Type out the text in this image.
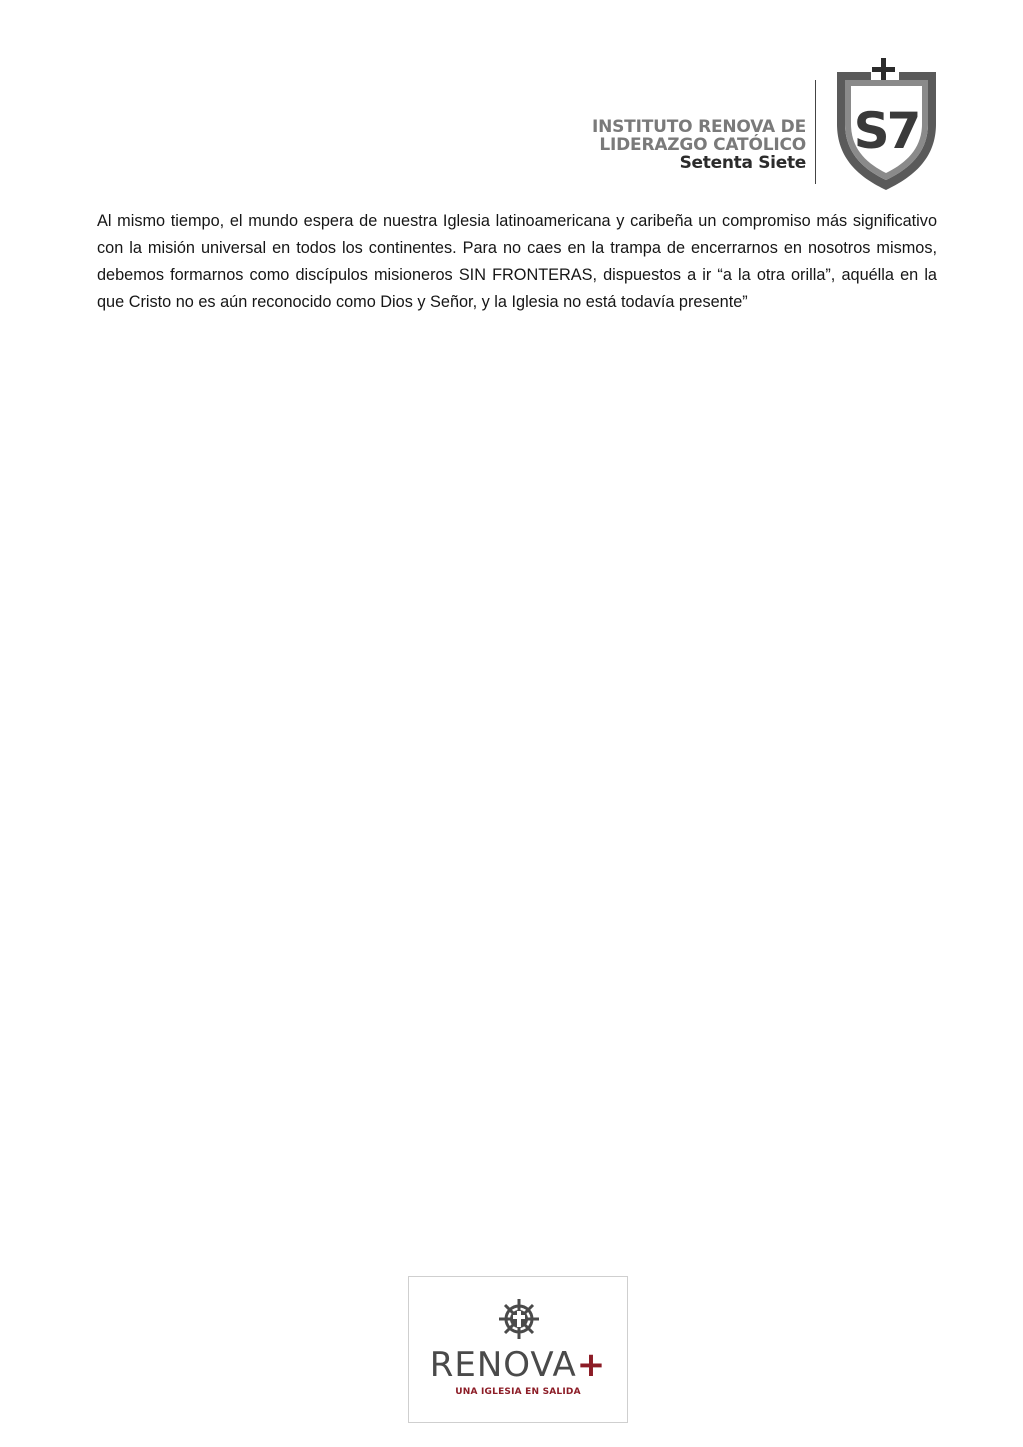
INSTITUTO RENOVA DE
LIDERAZGO CATÓLICO
Setenta Siete
S7

Al mismo tiempo, el mundo espera de nuestra Iglesia latinoamericana y caribeña un compromiso más significativo con la misión universal en todos los continentes. Para no caes en la trampa de encerrarnos en nosotros mismos, debemos formarnos como discípulos misioneros SIN FRONTERAS, dispuestos a ir “a la otra orilla”, aquélla en la que Cristo no es aún reconocido como Dios y Señor, y la Iglesia no está todavía presente”

RENOVA+
UNA IGLESIA EN SALIDA
